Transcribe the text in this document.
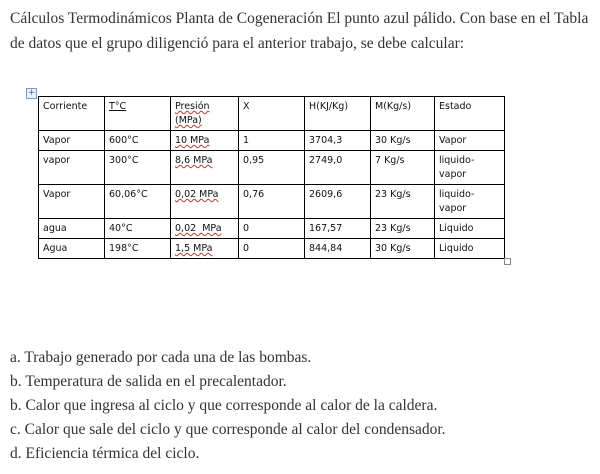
Cálculos Termodinámicos Planta de Cogeneración El punto azul pálido. Con base en el Tabla de datos que el grupo diligenció para el anterior trabajo, se debe calcular:
+
Corriente	T°C	Presión (MPa)	X	H(KJ/Kg)	M(Kg/s)	Estado
Vapor	600°C	10 MPa	1	3704,3	30 Kg/s	Vapor
vapor	300°C	8,6 MPa	0,95	2749,0	7 Kg/s	liquido-vapor
Vapor	60,06°C	0,02 MPa	0,76	2609,6	23 Kg/s	liquido-vapor
agua	40°C	0,02  MPa	0	167,57	23 Kg/s	Liquido
Agua	198°C	1,5 MPa	0	844,84	30 Kg/s	Liquido
a. Trabajo generado por cada una de las bombas.
b. Temperatura de salida en el precalentador.
b. Calor que ingresa al ciclo y que corresponde al calor de la caldera.
c. Calor que sale del ciclo y que corresponde al calor del condensador.
d. Eficiencia térmica del ciclo.
